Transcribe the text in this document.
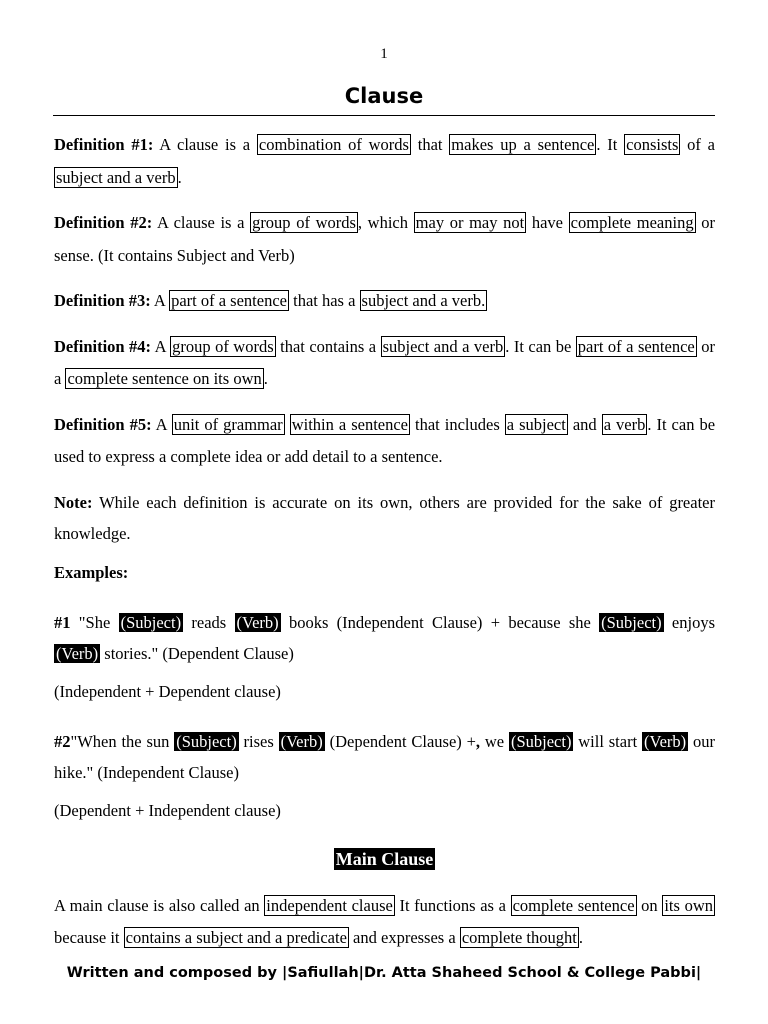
1
Clause

Definition #1: A clause is a combination of words that makes up a sentence . It consists of a subject and a verb .

Definition #2: A clause is a group of words , which may or may not have complete meaning or sense. (It contains Subject and Verb)

Definition #3: A part of a sentence that has a subject and a verb.

Definition #4: A group of words that contains a subject and a verb . It can be part of a sentence or a complete sentence on its own .

Definition #5: A unit of grammar within a sentence that includes a subject and a verb . It can be used to express a complete idea or add detail to a sentence.

Note: While each definition is accurate on its own, others are provided for the sake of greater knowledge.

Examples:

#1 "She (Subject) reads (Verb) books (Independent Clause) + because she (Subject) enjoys (Verb) stories." (Dependent Clause)

(Independent + Dependent clause)

#2"When the sun (Subject) rises (Verb) (Dependent Clause) +, we (Subject) will start (Verb) our hike." (Independent Clause)

(Dependent + Independent clause)

Main Clause

A main clause is also called an independent clause It functions as a complete sentence on its own because it contains a subject and a predicate and expresses a complete thought .

Written and composed by |Safiullah|Dr. Atta Shaheed School & College Pabbi|
